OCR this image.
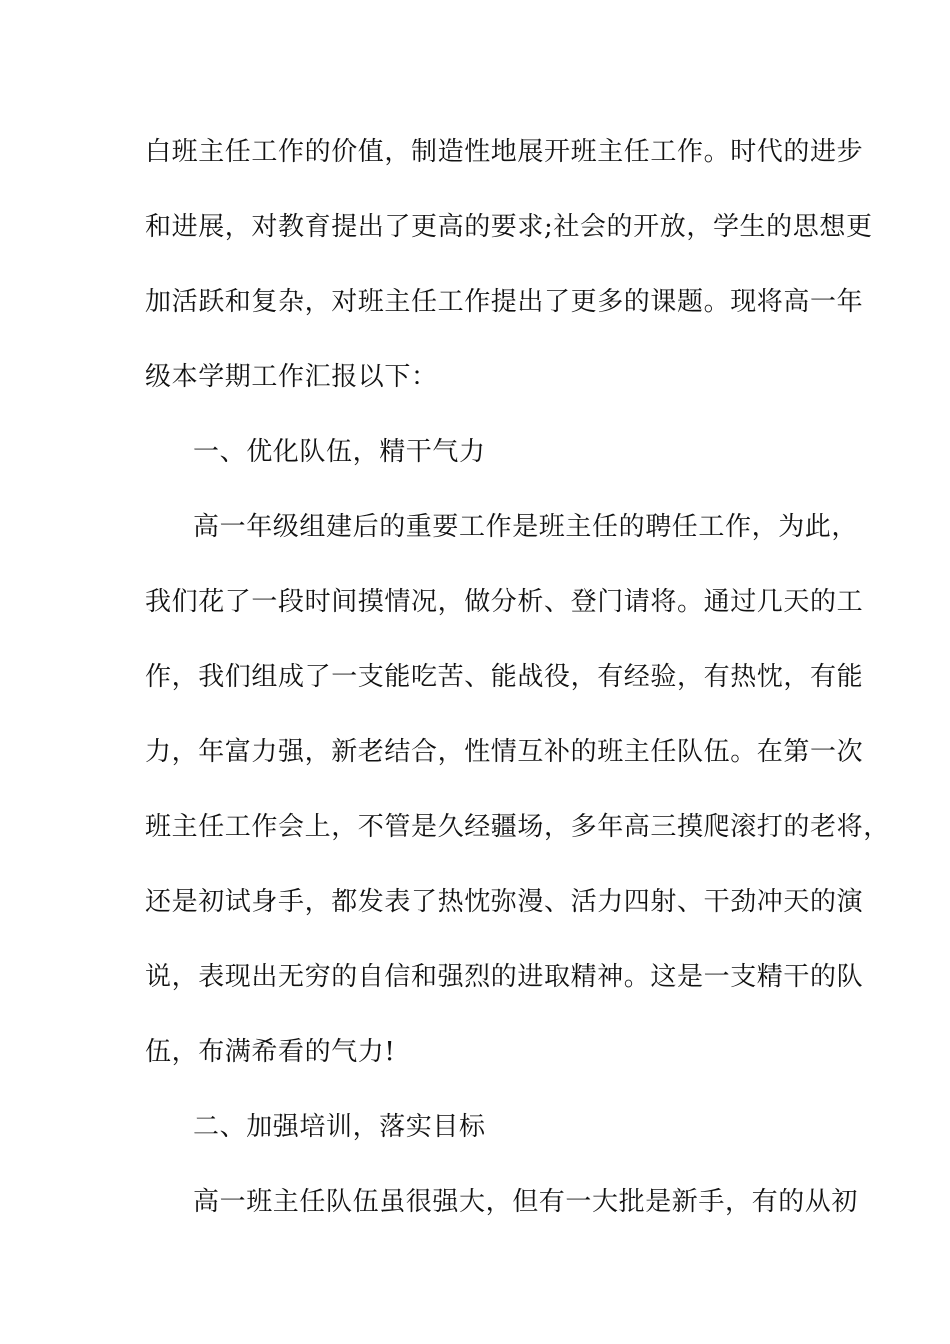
白班主任工作的价值，制造性地展开班主任工作。时代的进步
和进展，对教育提出了更高的要求;社会的开放，学生的思想更
加活跃和复杂，对班主任工作提出了更多的课题。现将高一年
级本学期工作汇报以下：
一、优化队伍，精干气力
高一年级组建后的重要工作是班主任的聘任工作，为此，
我们花了一段时间摸情况，做分析、登门请将。通过几天的工
作，我们组成了一支能吃苦、能战役，有经验，有热忱，有能
力，年富力强，新老结合，性情互补的班主任队伍。在第一次
班主任工作会上，不管是久经疆场，多年高三摸爬滚打的老将，
还是初试身手，都发表了热忱弥漫、活力四射、干劲冲天的演
说，表现出无穷的自信和强烈的进取精神。这是一支精干的队
伍，布满希看的气力!
二、加强培训，落实目标
高一班主任队伍虽很强大，但有一大批是新手，有的从初
